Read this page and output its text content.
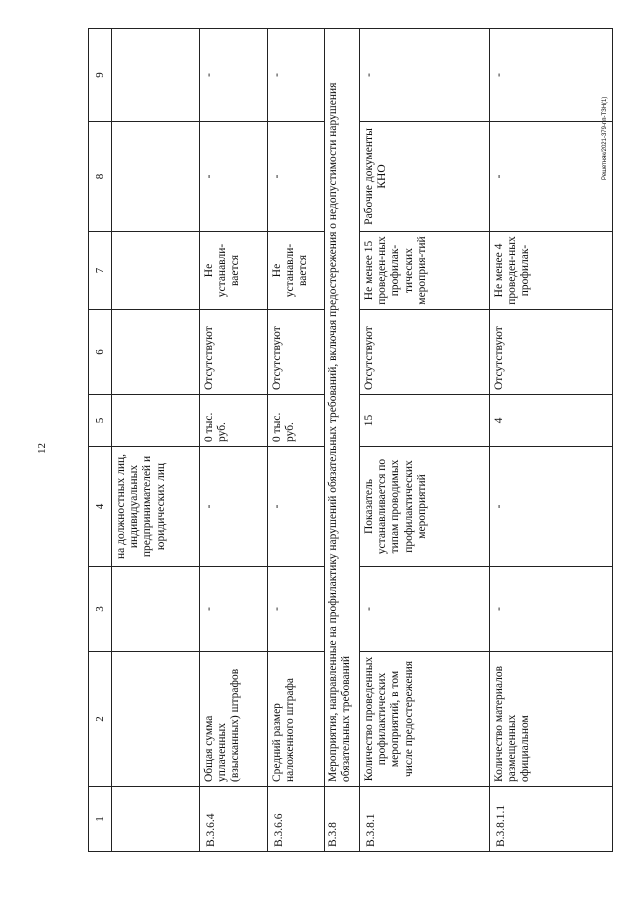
12
Решетняк/2021-379-пп-ТЗН(1)
1	2	3	4	5	6	7	8	9
			на должностных лиц, индивидуальных предпринимателей и юридических лиц					
В.3.6.4	Общая сумма уплаченных (взысканных) штрафов	-	-	0 тыс. руб.	Отсутствуют	Не устанавли-вается	-	-
В.3.6.6	Средний размер наложенного штрафа	-	-	0 тыс. руб.	Отсутствуют	Не устанавли-вается	-	-
В.3.8	Мероприятия, направленные на профилактику нарушений обязательных требований, включая предостережения о недопустимости нарушения обязательных требований							
В.3.8.1	Количество проведенных профилактических мероприятий, в том числе предостережения	-	Показатель устанавливается по типам проводимых профилактических мероприятий	15	Отсутствуют	Не менее 15 проведен-ных профилак-тических мероприя-тий	Рабочие документы КНО	-
В.3.8.1.1	Количество материалов размещенных официальном	-	-	4	Отсутствуют	Не менее 4 проведен-ных профилак-	-	-
